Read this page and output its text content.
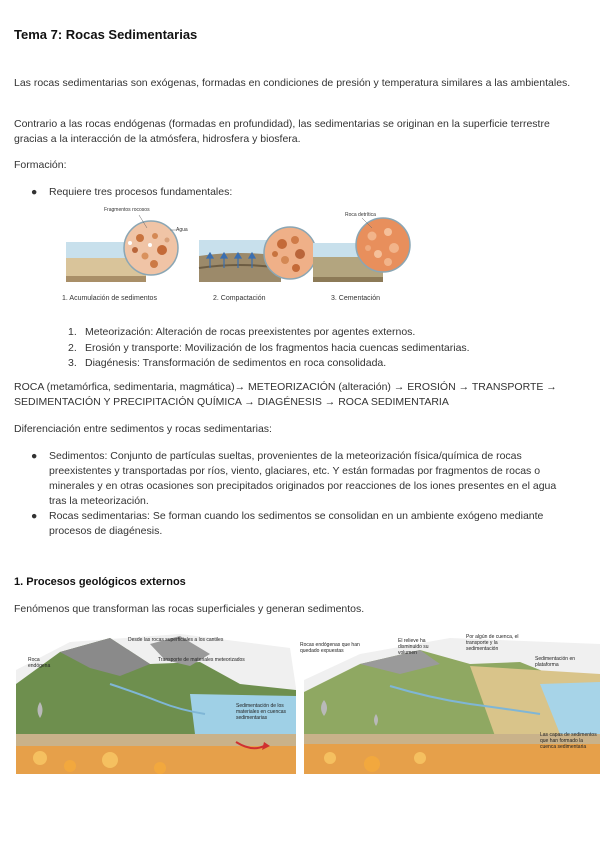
Tema 7: Rocas Sedimentarias
Las rocas sedimentarias son exógenas, formadas en condiciones de presión y temperatura similares a las ambientales.
Contrario a las rocas endógenas (formadas en profundidad), las sedimentarias se originan en la superficie terrestre gracias a la interacción de la atmósfera, hidrosfera y biosfera.
Formación:
● Requiere tres procesos fundamentales:
Fragmentos rocosos
Agua
Roca detrítica
1. Acumulación de sedimentos	2. Compactación	3. Cementación
1. Meteorización: Alteración de rocas preexistentes por agentes externos.
2. Erosión y transporte: Movilización de los fragmentos hacia cuencas sedimentarias.
3. Diagénesis: Transformación de sedimentos en roca consolidada.
ROCA (metamórfica, sedimentaria, magmática)→ METEORIZACIÓN (alteración) → EROSIÓN → TRANSPORTE →
SEDIMENTACIÓN Y PRECIPITACIÓN QUÍMICA → DIAGÉNESIS → ROCA SEDIMENTARIA
Diferenciación entre sedimentos y rocas sedimentarias:
● Sedimentos: Conjunto de partículas sueltas, provenientes de la meteorización física/química de rocas preexistentes y transportadas por ríos, viento, glaciares, etc. Y están formadas por fragmentos de rocas o minerales y en otras ocasiones son precipitados originados por reacciones de los iones presentes en el agua tras la meteorización.
● Rocas sedimentarias: Se forman cuando los sedimentos se consolidan en un ambiente exógeno mediante procesos de diagénesis.
1. Procesos geológicos externos
Fenómenos que transforman las rocas superficiales y generan sedimentos.
Desde las rocas superficiales a los cantiles
Transporte de materiales meteorizados
Roca endógena
Sedimentación de los materiales en cuencas sedimentarias
Rocas endógenas que han quedado expuestas
El relieve ha disminuido su volumen
Por algún de cuenca, el transporte y la sedimentación
Sedimentación en plataforma
Las capas de sedimentos que han formado la cuenca sedimentaria
